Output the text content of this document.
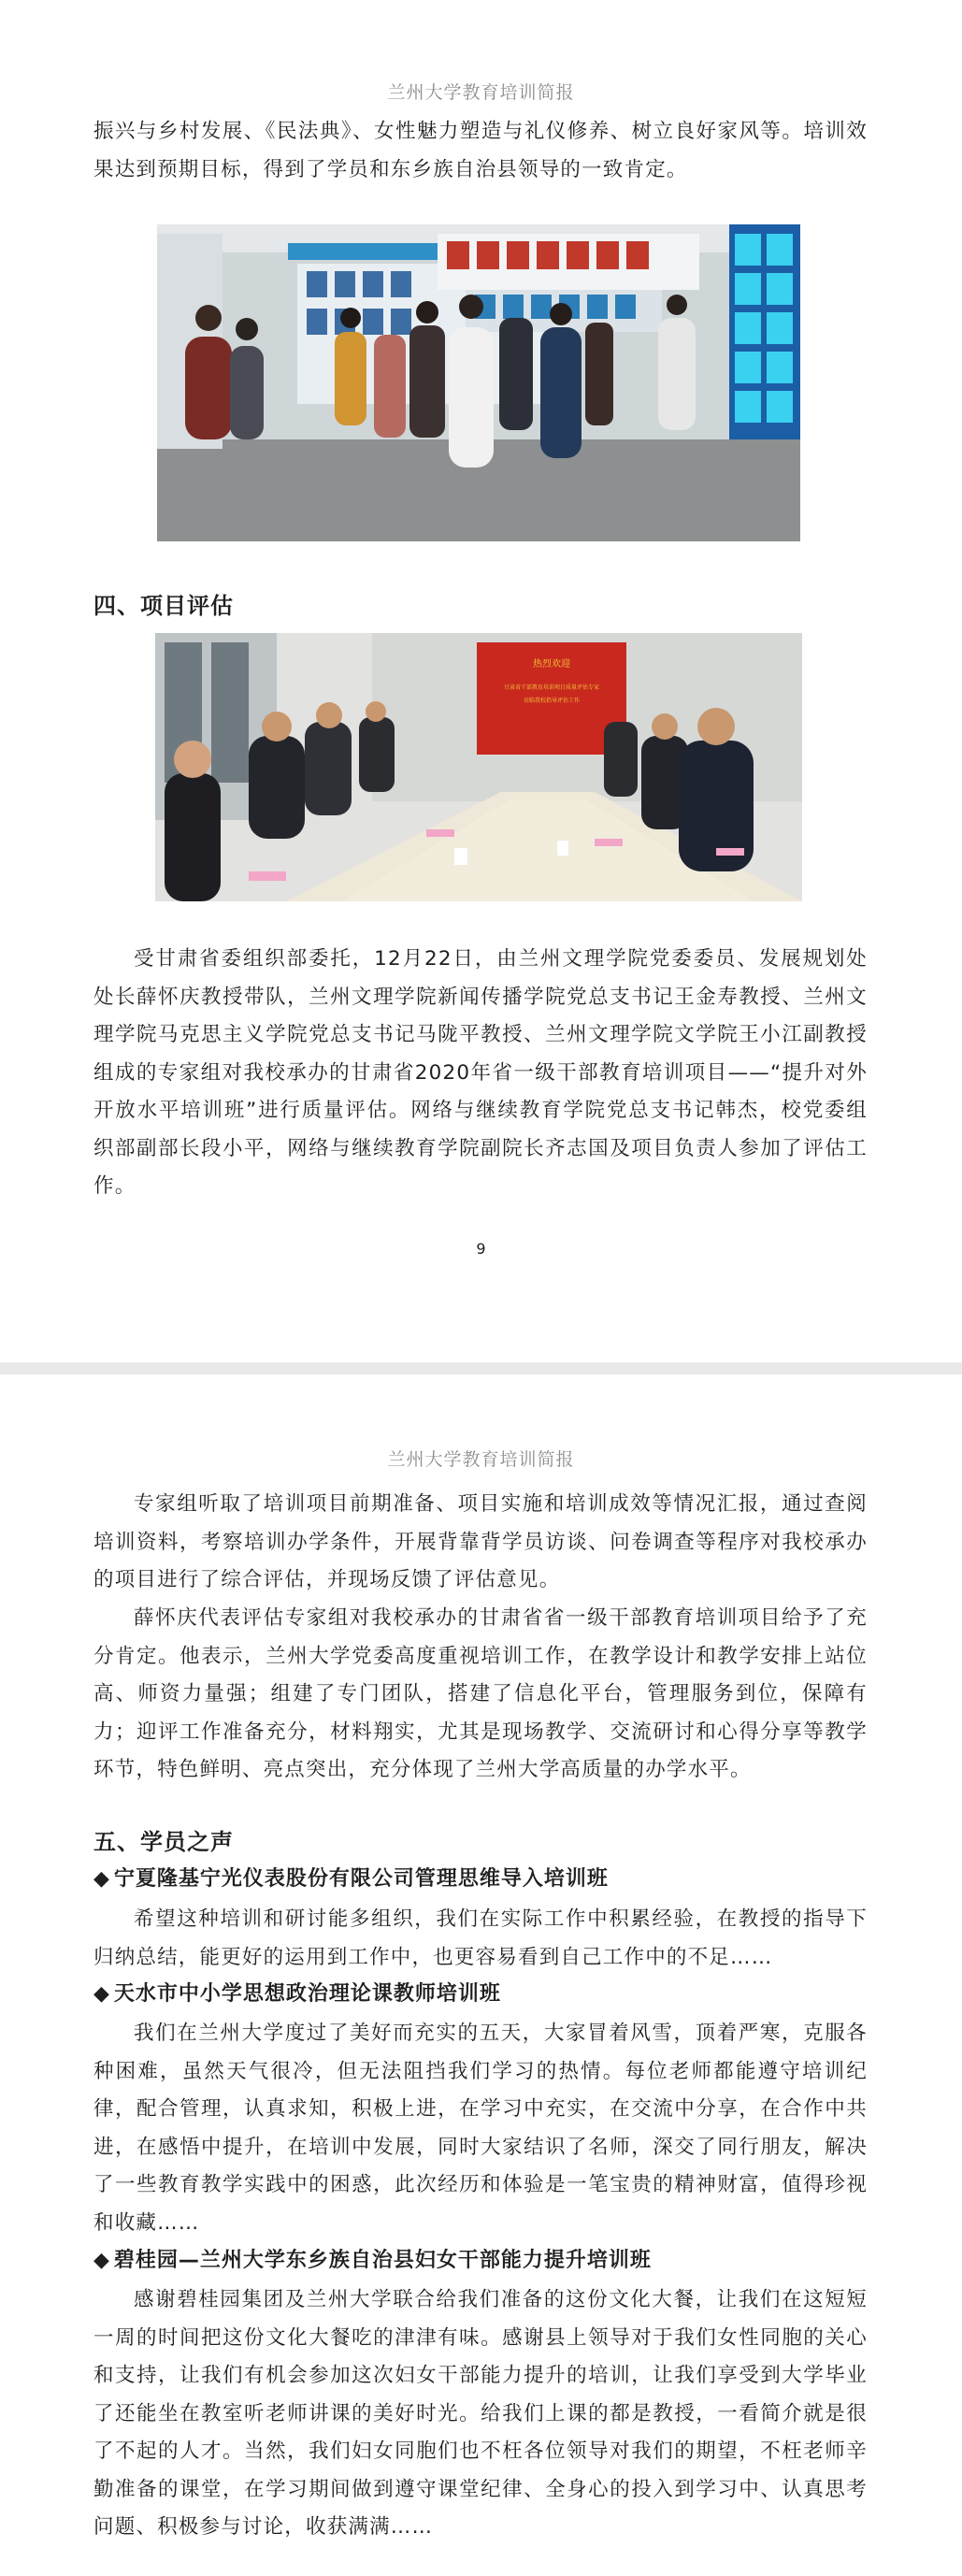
兰州大学教育培训简报

振兴与乡村发展、《民法典》、女性魅力塑造与礼仪修养、树立良好家风等。培训效果达到预期目标，得到了学员和东乡族自治县领导的一致肯定。

四、项目评估
热烈欢迎
甘肃省干部教育培训项目质量评估专家
莅临我校指导评估工作

受甘肃省委组织部委托，12月22日，由兰州文理学院党委委员、发展规划处处长薛怀庆教授带队，兰州文理学院新闻传播学院党总支书记王金寿教授、兰州文理学院马克思主义学院党总支书记马陇平教授、兰州文理学院文学院王小江副教授组成的专家组对我校承办的甘肃省2020年省一级干部教育培训项目——“提升对外开放水平培训班”进行质量评估。网络与继续教育学院党总支书记韩杰，校党委组织部副部长段小平，网络与继续教育学院副院长齐志国及项目负责人参加了评估工作。

9
兰州大学教育培训简报

专家组听取了培训项目前期准备、项目实施和培训成效等情况汇报，通过查阅培训资料，考察培训办学条件，开展背靠背学员访谈、问卷调查等程序对我校承办的项目进行了综合评估，并现场反馈了评估意见。

薛怀庆代表评估专家组对我校承办的甘肃省省一级干部教育培训项目给予了充分肯定。他表示，兰州大学党委高度重视培训工作，在教学设计和教学安排上站位高、师资力量强；组建了专门团队，搭建了信息化平台，管理服务到位，保障有力；迎评工作准备充分，材料翔实，尤其是现场教学、交流研讨和心得分享等教学环节，特色鲜明、亮点突出，充分体现了兰州大学高质量的办学水平。

五、学员之声
◆ 宁夏隆基宁光仪表股份有限公司管理思维导入培训班

希望这种培训和研讨能多组织，我们在实际工作中积累经验，在教授的指导下归纳总结，能更好的运用到工作中，也更容易看到自己工作中的不足……

◆ 天水市中小学思想政治理论课教师培训班

我们在兰州大学度过了美好而充实的五天，大家冒着风雪，顶着严寒，克服各种困难，虽然天气很冷，但无法阻挡我们学习的热情。每位老师都能遵守培训纪律，配合管理，认真求知，积极上进，在学习中充实，在交流中分享，在合作中共进，在感悟中提升，在培训中发展，同时大家结识了名师，深交了同行朋友，解决了一些教育教学实践中的困惑，此次经历和体验是一笔宝贵的精神财富，值得珍视和收藏……

◆ 碧桂园—兰州大学东乡族自治县妇女干部能力提升培训班

感谢碧桂园集团及兰州大学联合给我们准备的这份文化大餐，让我们在这短短一周的时间把这份文化大餐吃的津津有味。感谢县上领导对于我们女性同胞的关心和支持，让我们有机会参加这次妇女干部能力提升的培训，让我们享受到大学毕业了还能坐在教室听老师讲课的美好时光。给我们上课的都是教授，一看简介就是很了不起的人才。当然，我们妇女同胞们也不枉各位领导对我们的期望，不枉老师辛勤准备的课堂，在学习期间做到遵守课堂纪律、全身心的投入到学习中、认真思考问题、积极参与讨论，收获满满……
